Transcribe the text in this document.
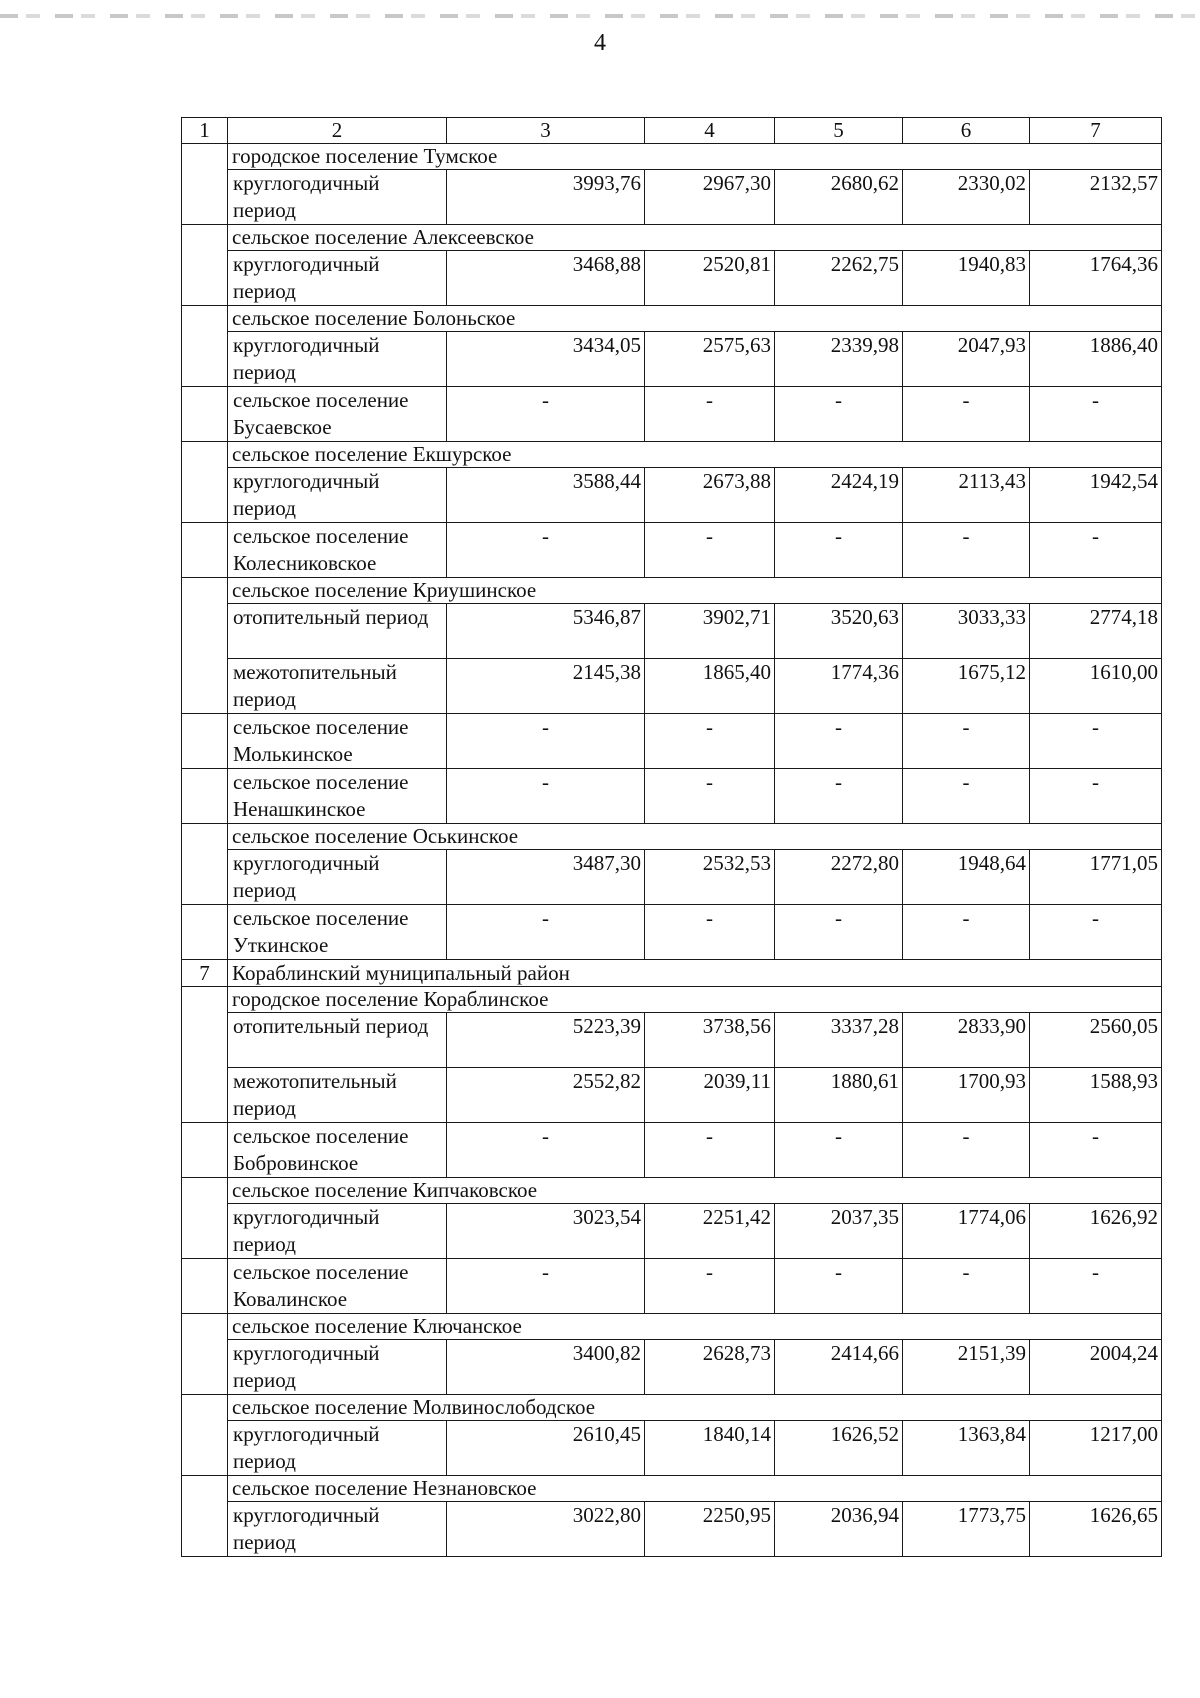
4
1	2	3	4	5	6	7
	городское поселение Тумское					
	круглогодичный период	3993,76	2967,30	2680,62	2330,02	2132,57
	сельское поселение Алексеевское					
	круглогодичный период	3468,88	2520,81	2262,75	1940,83	1764,36
	сельское поселение Болоньское					
	круглогодичный период	3434,05	2575,63	2339,98	2047,93	1886,40
	сельское поселение Бусаевское	-	-	-	-	-
	сельское поселение Екшурское					
	круглогодичный период	3588,44	2673,88	2424,19	2113,43	1942,54
	сельское поселение Колесниковское	-	-	-	-	-
	сельское поселение Криушинское					
	отопительный период	5346,87	3902,71	3520,63	3033,33	2774,18
	межотопительный период	2145,38	1865,40	1774,36	1675,12	1610,00
	сельское поселение Молькинское	-	-	-	-	-
	сельское поселение Ненашкинское	-	-	-	-	-
	сельское поселение Оськинское					
	круглогодичный период	3487,30	2532,53	2272,80	1948,64	1771,05
	сельское поселение Уткинское	-	-	-	-	-
7	Кораблинский муниципальный район					
	городское поселение Кораблинское					
	отопительный период	5223,39	3738,56	3337,28	2833,90	2560,05
	межотопительный период	2552,82	2039,11	1880,61	1700,93	1588,93
	сельское поселение Бобровинское	-	-	-	-	-
	сельское поселение Кипчаковское					
	круглогодичный период	3023,54	2251,42	2037,35	1774,06	1626,92
	сельское поселение Ковалинское	-	-	-	-	-
	сельское поселение Ключанское					
	круглогодичный период	3400,82	2628,73	2414,66	2151,39	2004,24
	сельское поселение Молвинослободское					
	круглогодичный период	2610,45	1840,14	1626,52	1363,84	1217,00
	сельское поселение Незнановское					
	круглогодичный период	3022,80	2250,95	2036,94	1773,75	1626,65
